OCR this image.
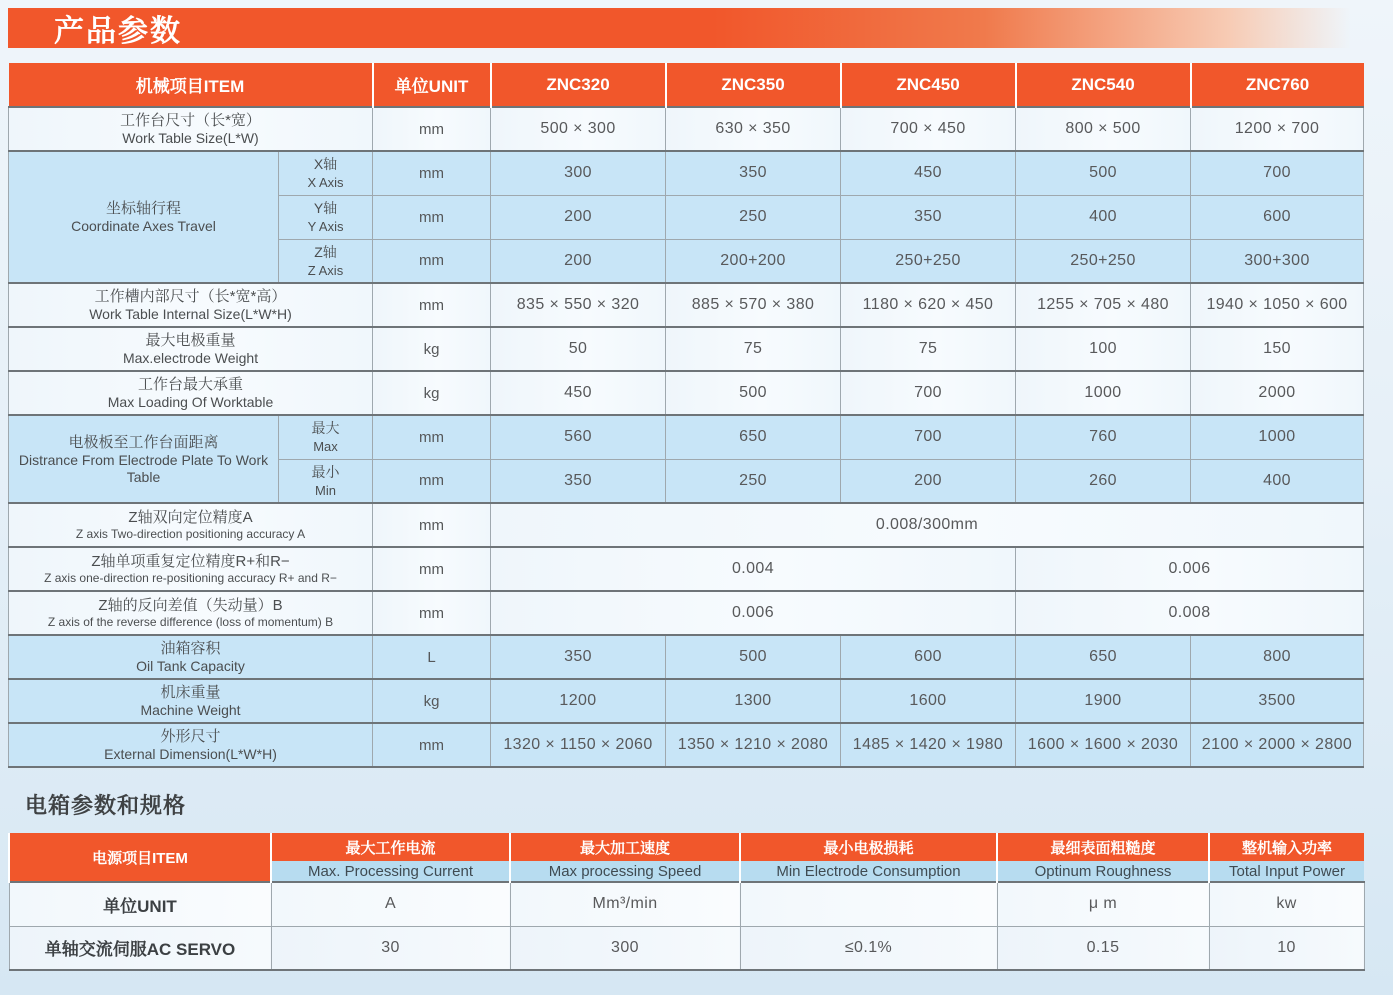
产品参数
机械项目ITEM		单位UNIT	ZNC320	ZNC350	ZNC450	ZNC540	ZNC760

工作台尺寸（长*宽）
Work Table Size(L*W)		mm	500 × 300	630 × 350	700 × 450	800 × 500	1200 × 700

坐标轴行程
Coordinate Axes Travel

X轴
X Axis
	mm	300	350	450	500	700

	Y轴
Y Axis	mm	200	250	350	400	600

	Z轴
Z Axis	mm	200	200+200	250+250	250+250	300+300

工作槽内部尺寸（长*宽*高）
Work Table Internal Size(L*W*H)		mm	835 × 550 × 320	885 × 570 × 380	1180 × 620 × 450	1255 × 705 × 480	1940 × 1050 × 600

最大电极重量
Max.electrode Weight		kg	50	75	75	100	150

工作台最大承重
Max Loading Of Worktable		kg	450	500	700	1000	2000

电极板至工作台面距离
Distrance From Electrode Plate To Work Table

最大
Max
	mm	560	650	700	760	1000

	最小
Min	mm	350	250	200	260	400

Z轴双向定位精度A
Z axis Two-direction positioning accuracy A		mm	0.008/300mm				

Z轴单项重复定位精度R+和R−
Z axis one-direction re-positioning accuracy R+ and R−		mm	0.004			0.006	

Z轴的反向差值（失动量）B
Z axis of the reverse difference (loss of momentum) B		mm	0.006			0.008	

油箱容积
Oil Tank Capacity		L	350	500	600	650	800

机床重量
Machine Weight		kg	1200	1300	1600	1900	3500

外形尺寸
External Dimension(L*W*H)		mm	1320 × 1150 × 2060	1350 × 1210 × 2080	1485 × 1420 × 1980	1600 × 1600 × 2030	2100 × 2000 × 2800
电箱参数和规格
电源项目ITEM	最大工作电流	最大加工速度	最小电极损耗	最细表面粗糙度	整机输入功率
	Max. Processing Current	Max processing Speed	Min Electrode Consumption	Optinum Roughness	Total Input Power
单位UNIT	A	Mm³/min		μ m	kw
单轴交流伺服AC SERVO	30	300	≤0.1%	0.15	10
